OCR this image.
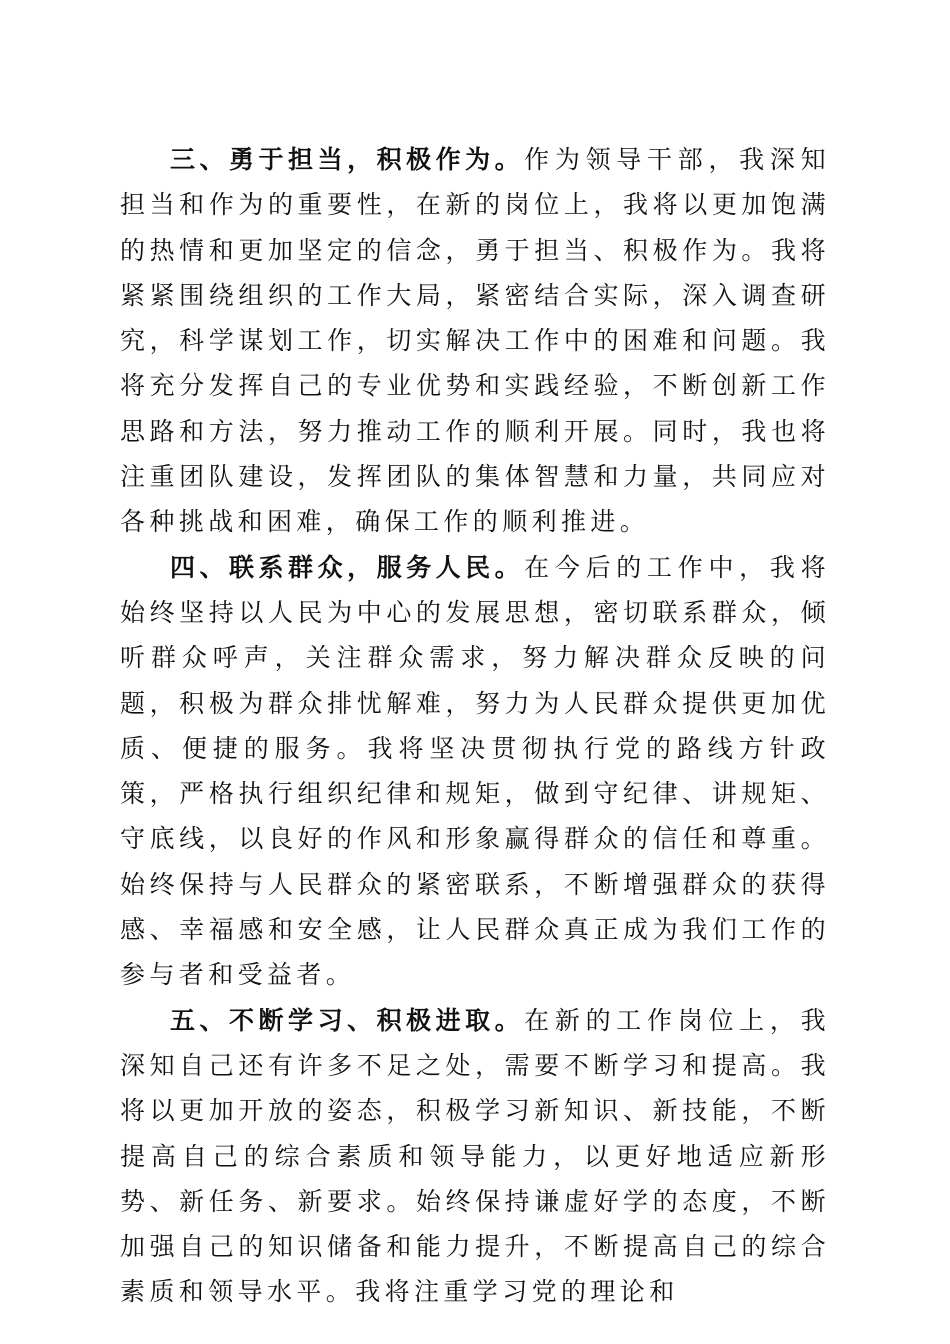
三、勇于担当，积极作为。作为领导干部，我深知担当和作为的重要性，在新的岗位上，我将以更加饱满的热情和更加坚定的信念，勇于担当、积极作为。我将紧紧围绕组织的工作大局，紧密结合实际，深入调查研究，科学谋划工作，切实解决工作中的困难和问题。我将充分发挥自己的专业优势和实践经验，不断创新工作思路和方法，努力推动工作的顺利开展。同时，我也将注重团队建设，发挥团队的集体智慧和力量，共同应对各种挑战和困难，确保工作的顺利推进。

四、联系群众，服务人民。在今后的工作中，我将始终坚持以人民为中心的发展思想，密切联系群众，倾听群众呼声，关注群众需求，努力解决群众反映的问题，积极为群众排忧解难，努力为人民群众提供更加优质、便捷的服务。我将坚决贯彻执行党的路线方针政策，严格执行组织纪律和规矩，做到守纪律、讲规矩、守底线，以良好的作风和形象赢得群众的信任和尊重。始终保持与人民群众的紧密联系，不断增强群众的获得感、幸福感和安全感，让人民群众真正成为我们工作的参与者和受益者。

五、不断学习、积极进取。在新的工作岗位上，我深知自己还有许多不足之处，需要不断学习和提高。我将以更加开放的姿态，积极学习新知识、新技能，不断提高自己的综合素质和领导能力，以更好地适应新形势、新任务、新要求。始终保持谦虚好学的态度，不断加强自己的知识储备和能力提升，不断提高自己的综合素质和领导水平。我将注重学习党的理论和
